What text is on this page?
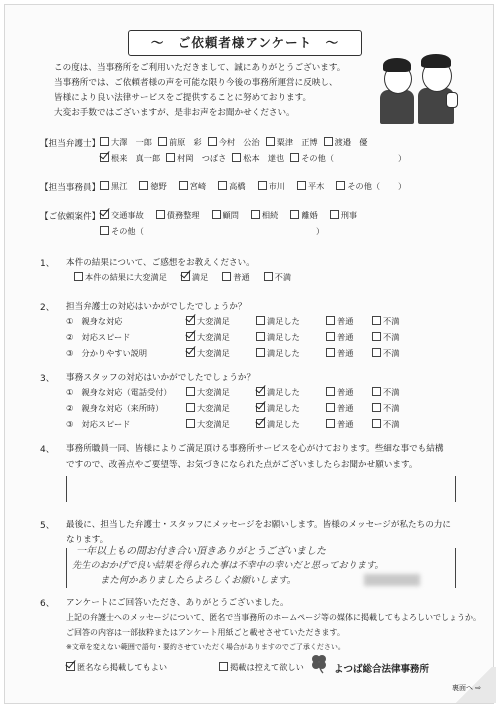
〜　ご依頼者様アンケート　〜
この度は、当事務所をご利用いただきまして、誠にありがとうございます。
当事務所では、ご依頼者様の声を可能な限り今後の事務所運営に反映し、
皆様により良い法律サービスをご提供することに努めております。
大変お手数ではございますが、是非お声をお聞かせください。
【担当弁護士】	大澤　一郎 前原　彩 今村　公治 粟津　正博 渡邉　優
根来　真一郎 村岡　つばさ 松本　達也 その他（	）
【担当事務員】	黒江	徳野	宮崎	高橋	市川	平木	その他（	）
【ご依頼案件】	交通事故	債務整理	顧問	相続	離婚	刑事
その他（	）
1、 本件の結果について、ご感想をお教えください。
本件の結果に大変満足	満足	普通	不満
2、 担当弁護士の対応はいかがでしたでしょうか？
①　親身な対応	大変満足	満足した	普通	不満
②　対応スピード	大変満足	満足した	普通	不満
③　分かりやすい説明	大変満足	満足した	普通	不満
3、 事務スタッフの対応はいかがでしたでしょうか？
①　親身な対応（電話受付）	大変満足	満足した	普通	不満
②　親身な対応（来所時）	大変満足	満足した	普通	不満
③　対応スピード	大変満足	満足した	普通	不満
4、 事務所職員一同、皆様によりご満足頂ける事務所サービスを心がけております。些細な事でも結構
ですので、改善点やご要望等、お気づきになられた点がございましたらお聞かせ願います。
5、 最後に、担当した弁護士・スタッフにメッセージをお願いします。皆様のメッセージが私たちの力に
なります。
一年以上もの間お付き合い頂きありがとうございました
先生のおかげで良い結果を得られた事は不幸中の幸いだと思っております。
また何かありましたらよろしくお願いします。
6、 アンケートにご回答いただき、ありがとうございました。
上記の弁護士へのメッセージについて、匿名で当事務所のホームページ等の媒体に掲載してもよろしいでしょうか。
ご回答の内容は一部抜粋またはアンケート用紙ごと載せさせていただきます。
※文章を変えない範囲で語句・要約させていただく場合がありますのでご了承ください。
匿名なら掲載してもよい	掲載は控えて欲しい	よつば総合法律事務所
裏面へ ⇨
